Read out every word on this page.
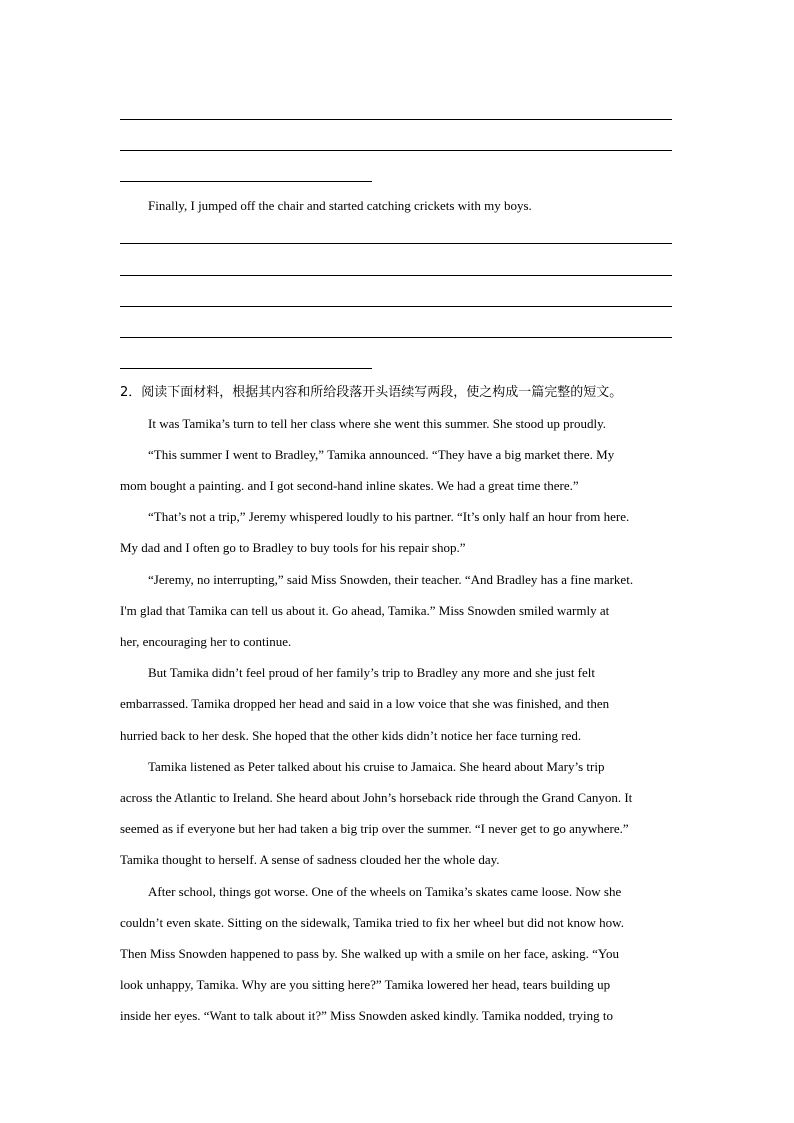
Finally, I jumped off the chair and started catching crickets with my boys.
2．阅读下面材料，根据其内容和所给段落开头语续写两段，使之构成一篇完整的短文。
It was Tamika’s turn to tell her class where she went this summer. She stood up proudly.
“This summer I went to Bradley,” Tamika announced. “They have a big market there. My
mom bought a painting. and I got second-hand inline skates. We had a great time there.”
“That’s not a trip,” Jeremy whispered loudly to his partner. “It’s only half an hour from here.
My dad and I often go to Bradley to buy tools for his repair shop.”
“Jeremy, no interrupting,” said Miss Snowden, their teacher. “And Bradley has a fine market.
I'm glad that Tamika can tell us about it. Go ahead, Tamika.” Miss Snowden smiled warmly at
her, encouraging her to continue.
But Tamika didn’t feel proud of her family’s trip to Bradley any more and she just felt
embarrassed. Tamika dropped her head and said in a low voice that she was finished, and then
hurried back to her desk. She hoped that the other kids didn’t notice her face turning red.
Tamika listened as Peter talked about his cruise to Jamaica. She heard about Mary’s trip
across the Atlantic to Ireland. She heard about John’s horseback ride through the Grand Canyon. It
seemed as if everyone but her had taken a big trip over the summer. “I never get to go anywhere.”
Tamika thought to herself. A sense of sadness clouded her the whole day.
After school, things got worse. One of the wheels on Tamika’s skates came loose. Now she
couldn’t even skate. Sitting on the sidewalk, Tamika tried to fix her wheel but did not know how.
Then Miss Snowden happened to pass by. She walked up with a smile on her face, asking. “You
look unhappy, Tamika. Why are you sitting here?” Tamika lowered her head, tears building up
inside her eyes. “Want to talk about it?” Miss Snowden asked kindly. Tamika nodded, trying to
